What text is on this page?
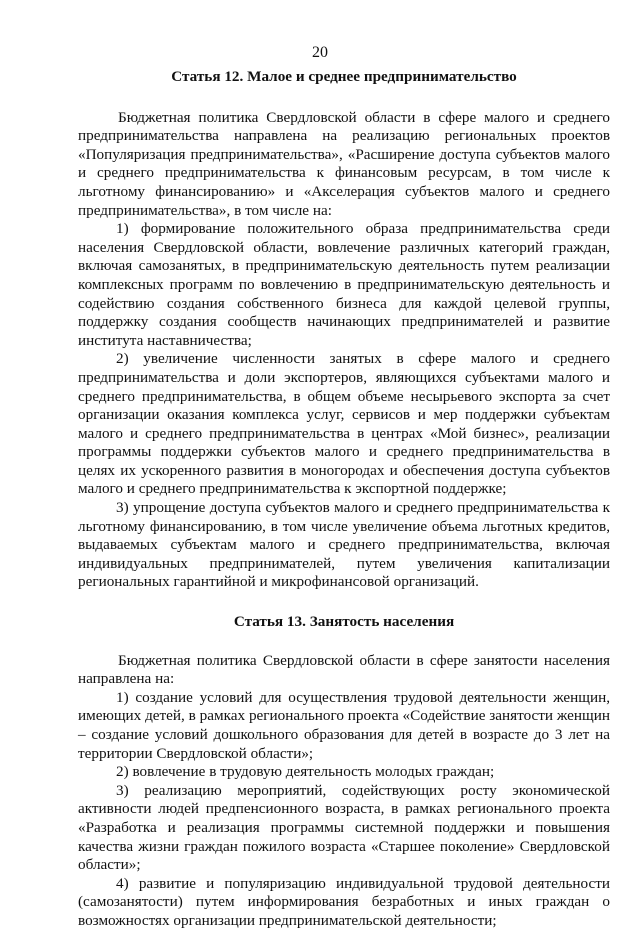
20

Статья 12. Малое и среднее предпринимательство

Бюджетная политика Свердловской области в сфере малого и среднего предпринимательства направлена на реализацию региональных проектов «Популяризация предпринимательства», «Расширение доступа субъектов малого и среднего предпринимательства к финансовым ресурсам, в том числе к льготному финансированию» и «Акселерация субъектов малого и среднего предпринимательства», в том числе на:

1) формирование положительного образа предпринимательства среди населения Свердловской области, вовлечение различных категорий граждан, включая самозанятых, в предпринимательскую деятельность путем реализации комплексных программ по вовлечению в предпринимательскую деятельность и содействию создания собственного бизнеса для каждой целевой группы, поддержку создания сообществ начинающих предпринимателей и развитие института наставничества;

2) увеличение численности занятых в сфере малого и среднего предпринимательства и доли экспортеров, являющихся субъектами малого и среднего предпринимательства, в общем объеме несырьевого экспорта за счет организации оказания комплекса услуг, сервисов и мер поддержки субъектам малого и среднего предпринимательства в центрах «Мой бизнес», реализации программы поддержки субъектов малого и среднего предпринимательства в целях их ускоренного развития в моногородах и обеспечения доступа субъектов малого и среднего предпринимательства к экспортной поддержке;

3) упрощение доступа субъектов малого и среднего предпринимательства к льготному финансированию, в том числе увеличение объема льготных кредитов, выдаваемых субъектам малого и среднего предпринимательства, включая индивидуальных предпринимателей, путем увеличения капитализации региональных гарантийной и микрофинансовой организаций.

Статья 13. Занятость населения

Бюджетная политика Свердловской области в сфере занятости населения направлена на:

1) создание условий для осуществления трудовой деятельности женщин, имеющих детей, в рамках регионального проекта «Содействие занятости женщин – создание условий дошкольного образования для детей в возрасте до 3 лет на территории Свердловской области»;

2) вовлечение в трудовую деятельность молодых граждан;

3) реализацию мероприятий, содействующих росту экономической активности людей предпенсионного возраста, в рамках регионального проекта «Разработка и реализация программы системной поддержки и повышения качества жизни граждан пожилого возраста «Старшее поколение» Свердловской области»;

4) развитие и популяризацию индивидуальной трудовой деятельности (самозанятости) путем информирования безработных и иных граждан о возможностях организации предпринимательской деятельности;
